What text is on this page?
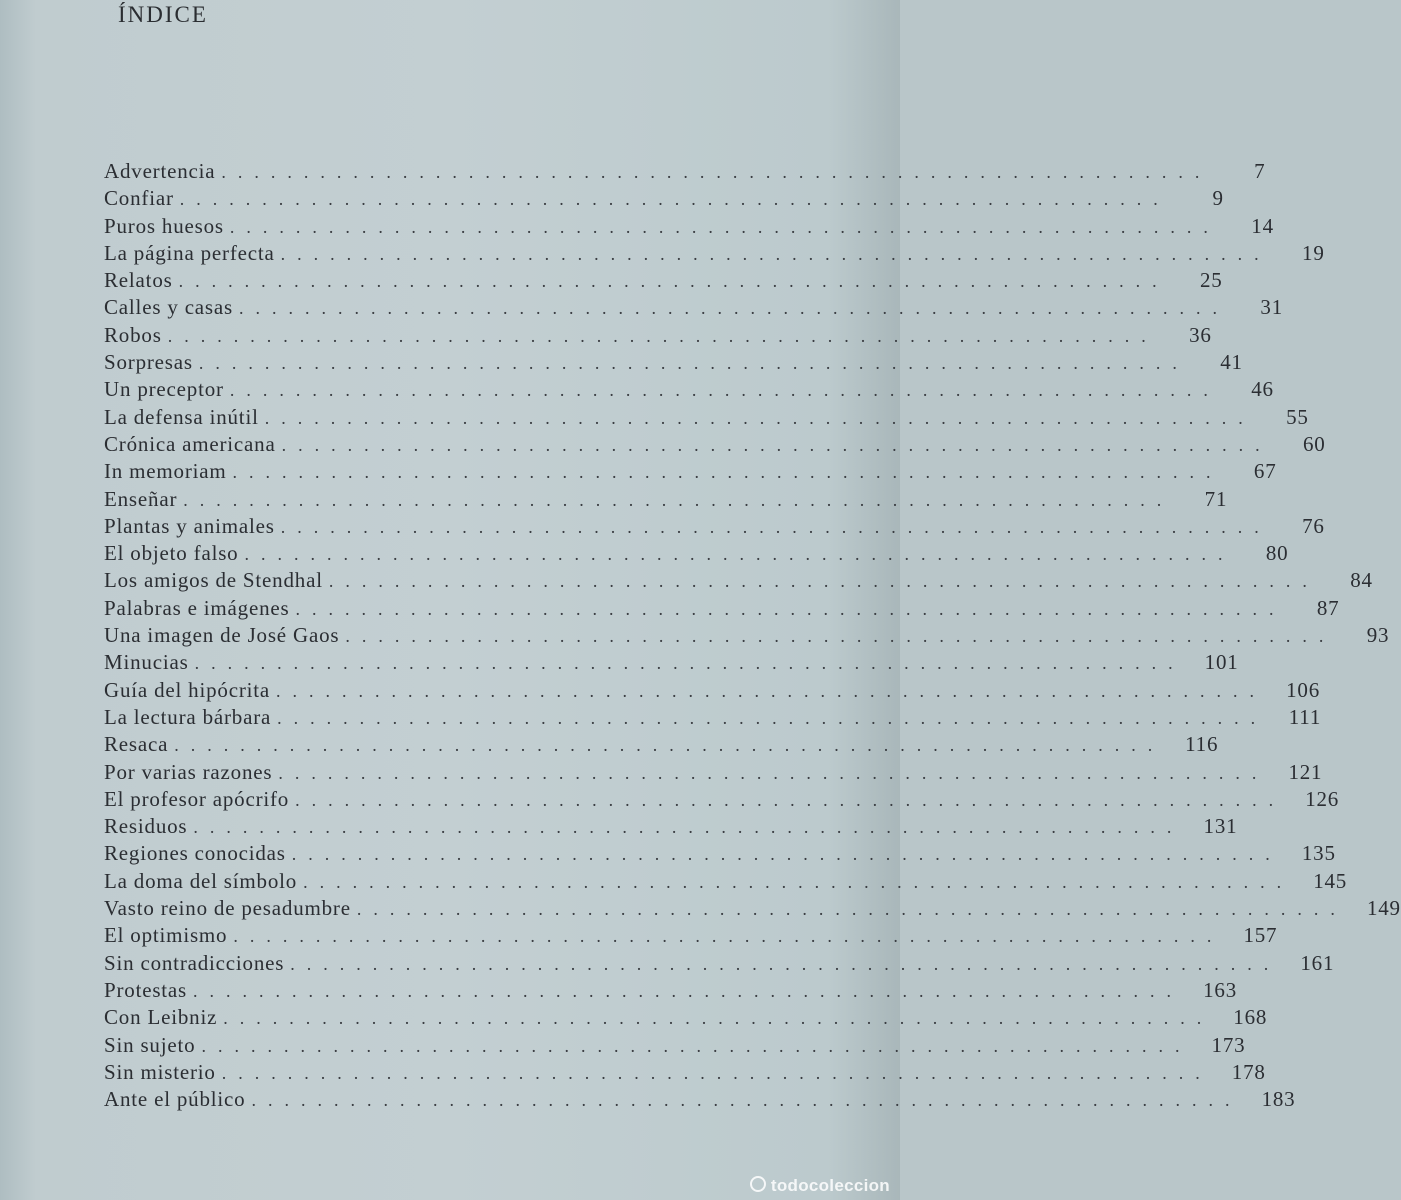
ÍNDICE
Advertencia ............................................................	7
Confiar ............................................................	9
Puros huesos ............................................................	14
La página perfecta ............................................................	19
Relatos ............................................................	25
Calles y casas ............................................................	31
Robos ............................................................	36
Sorpresas ............................................................	41
Un preceptor ............................................................	46
La defensa inútil ............................................................	55
Crónica americana ............................................................	60
In memoriam ............................................................	67
Enseñar ............................................................	71
Plantas y animales ............................................................	76
El objeto falso ............................................................	80
Los amigos de Stendhal ............................................................	84
Palabras e imágenes ............................................................	87
Una imagen de José Gaos ............................................................	93
Minucias ............................................................ 101
Guía del hipócrita ............................................................ 106
La lectura bárbara ............................................................	111
Resaca ............................................................ 116
Por varias razones ............................................................ 121
El profesor apócrifo ............................................................ 126
Residuos ............................................................ 131
Regiones conocidas ............................................................ 135
La doma del símbolo ............................................................ 145
Vasto reino de pesadumbre ............................................................ 149
El optimismo ............................................................ 157
Sin contradicciones ............................................................ 161
Protestas ............................................................ 163
Con Leibniz ............................................................ 168
Sin sujeto ............................................................ 173
Sin misterio ............................................................ 178
Ante el público ............................................................ 183
todocoleccion
